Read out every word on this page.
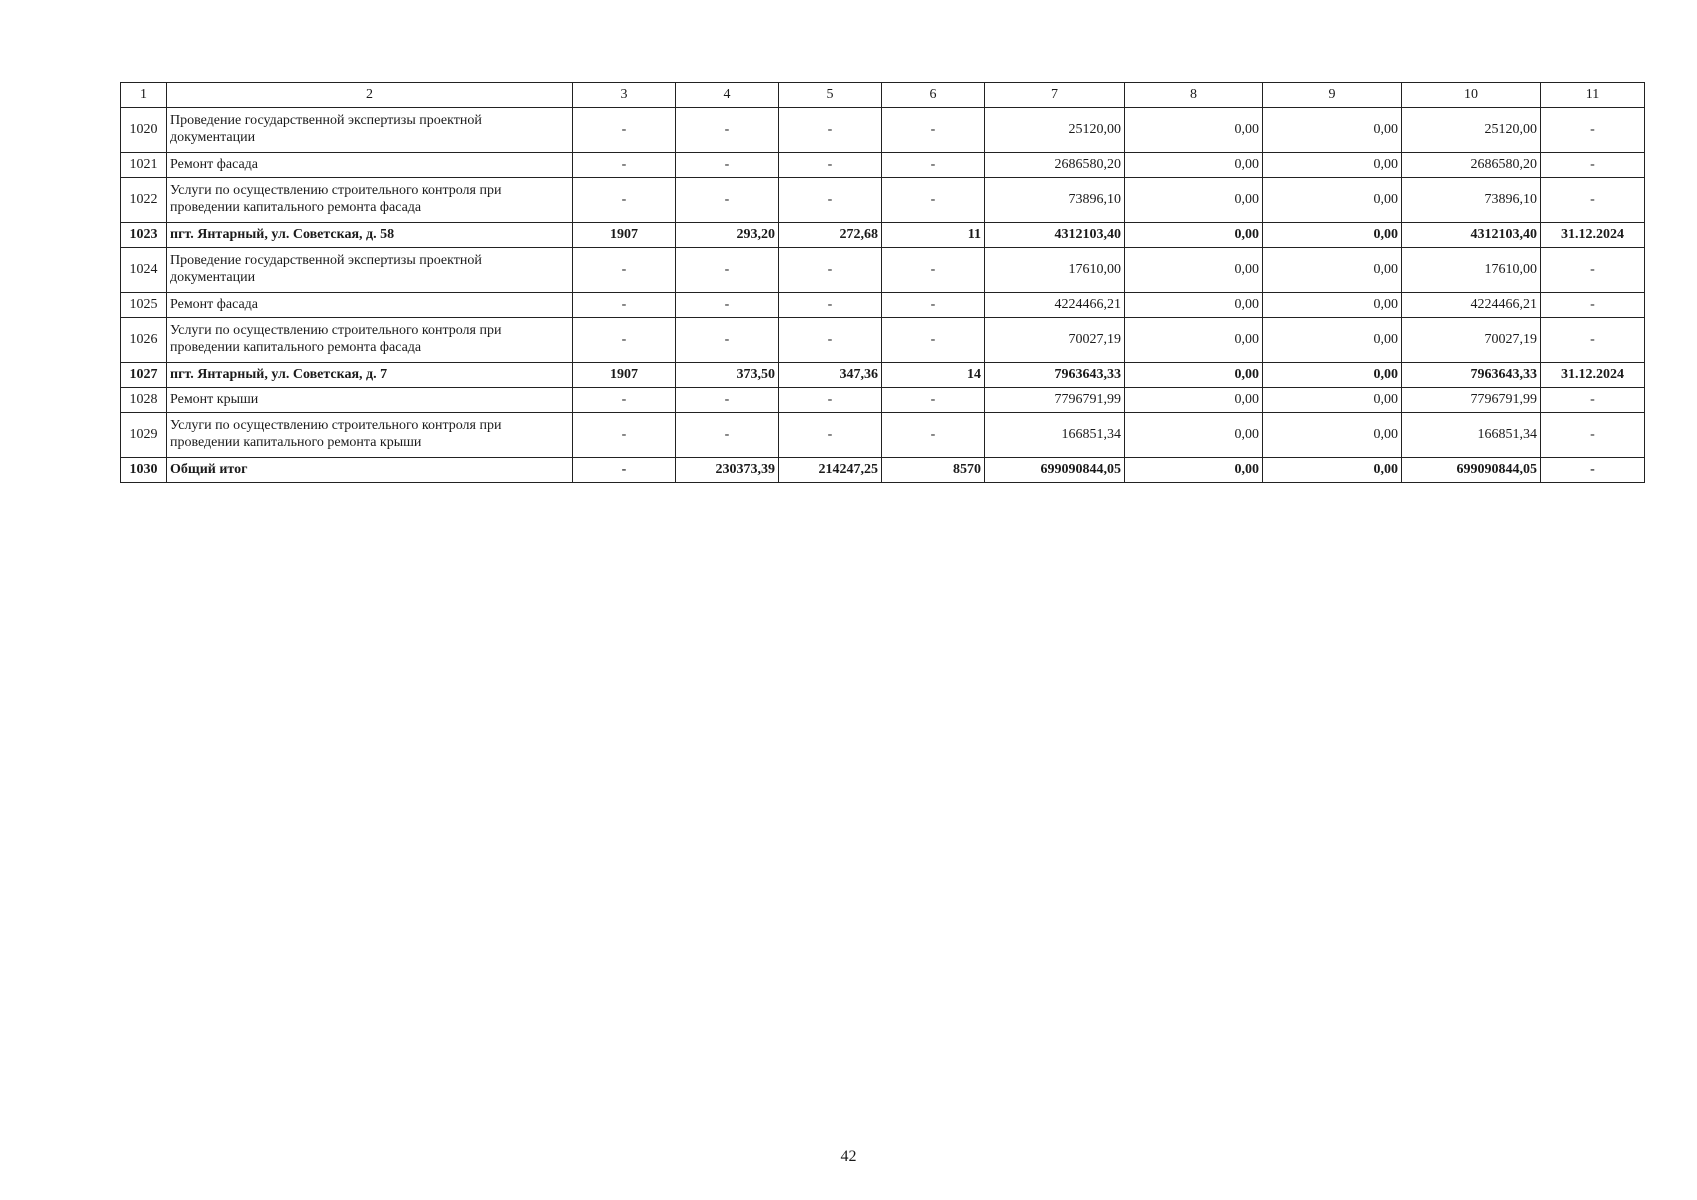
1	2	3	4	5	6	7	8	9	10	11
1020	Проведение государственной экспертизы проектной документации	-	-	-	-	25120,00	0,00	0,00	25120,00	-
1021	Ремонт фасада	-	-	-	-	2686580,20	0,00	0,00	2686580,20	-
1022	Услуги по осуществлению строительного контроля при проведении капитального ремонта фасада	-	-	-	-	73896,10	0,00	0,00	73896,10	-
1023	пгт. Янтарный, ул. Советская, д. 58	1907	293,20	272,68	11	4312103,40	0,00	0,00	4312103,40	31.12.2024
1024	Проведение государственной экспертизы проектной документации	-	-	-	-	17610,00	0,00	0,00	17610,00	-
1025	Ремонт фасада	-	-	-	-	4224466,21	0,00	0,00	4224466,21	-
1026	Услуги по осуществлению строительного контроля при проведении капитального ремонта фасада	-	-	-	-	70027,19	0,00	0,00	70027,19	-
1027	пгт. Янтарный, ул. Советская, д. 7	1907	373,50	347,36	14	7963643,33	0,00	0,00	7963643,33	31.12.2024
1028	Ремонт крыши	-	-	-	-	7796791,99	0,00	0,00	7796791,99	-
1029	Услуги по осуществлению строительного контроля при проведении капитального ремонта крыши	-	-	-	-	166851,34	0,00	0,00	166851,34	-
1030	Общий итог	-	230373,39	214247,25	8570	699090844,05	0,00	0,00	699090844,05	-
42
